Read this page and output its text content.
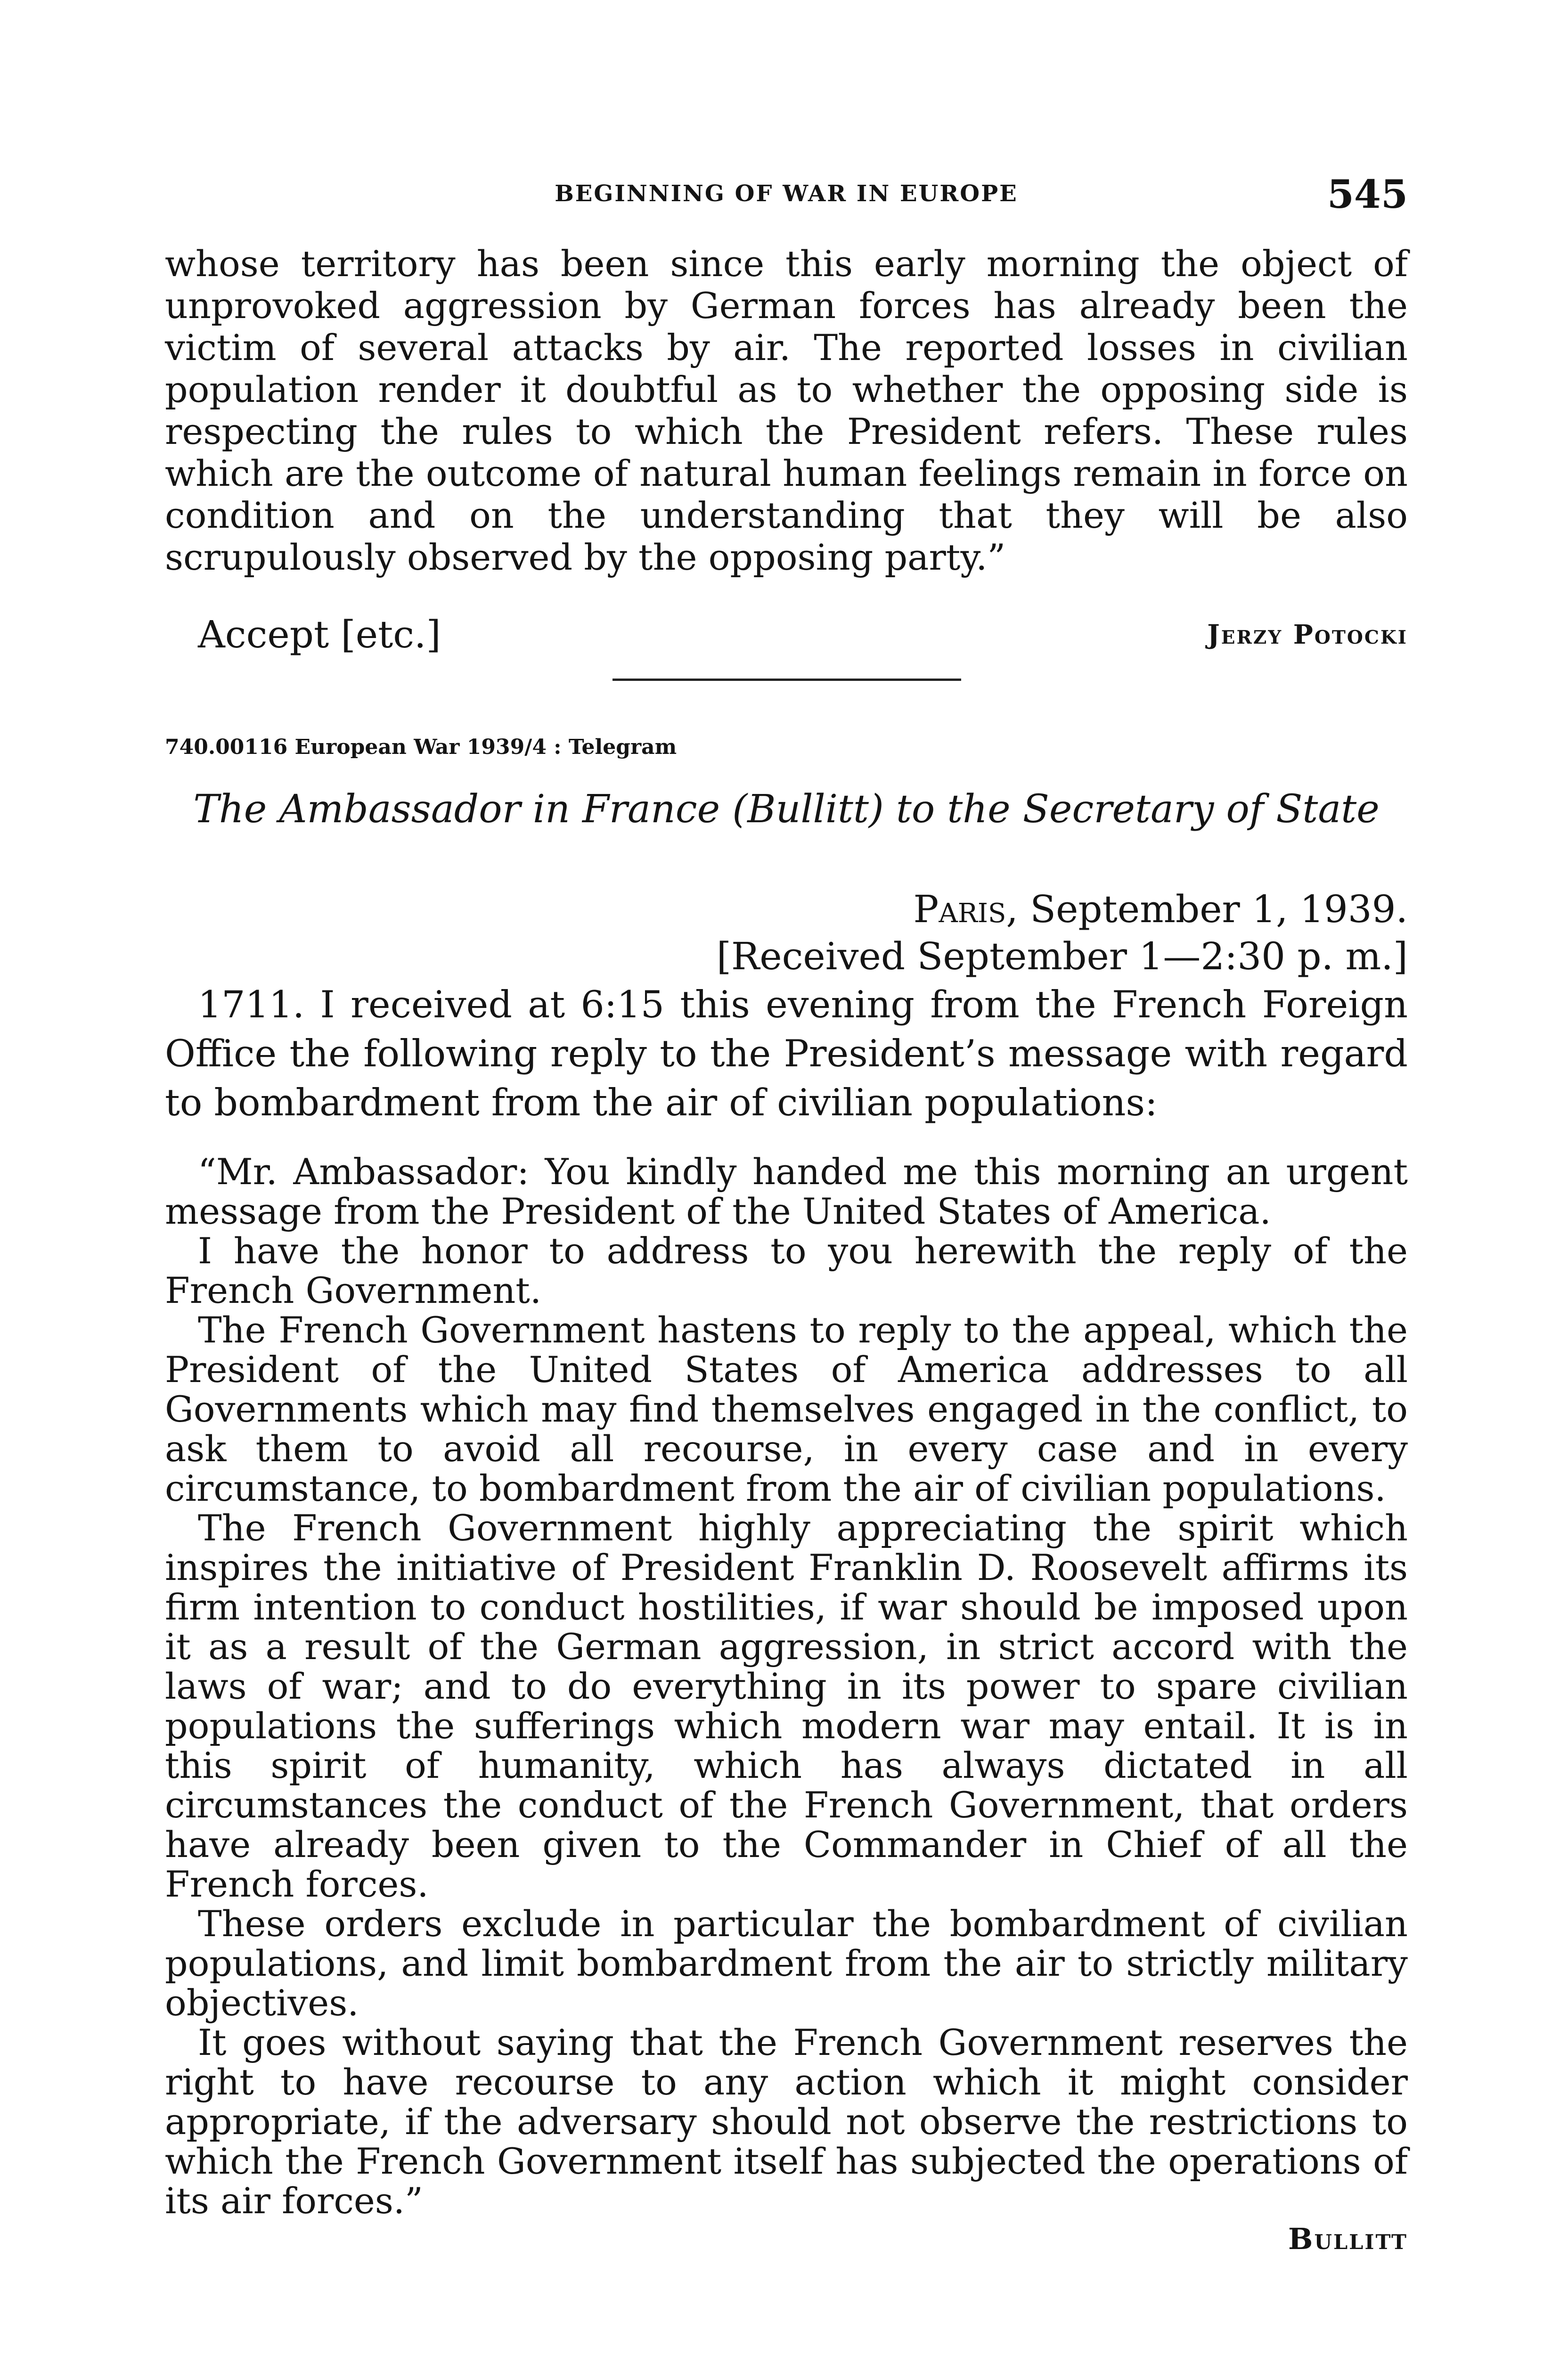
BEGINNING OF WAR IN EUROPE	545
whose territory has been since this early morning the object of unprovoked aggression by German forces has already been the victim of several attacks by air. The reported losses in civilian population render it doubtful as to whether the opposing side is respecting the rules to which the President refers. These rules which are the outcome of natural human feelings remain in force on condition and on the understanding that they will be also scrupulously observed by the opposing party.”
Accept [etc.]	Jerzy Potocki
740.00116 European War 1939/4 : Telegram
The Ambassador in France (Bullitt) to the Secretary of State
Paris, September 1, 1939.
[Received September 1—2:30 p. m.]
1711. I received at 6:15 this evening from the French Foreign Office the following reply to the President’s message with regard to bombardment from the air of civilian populations:

“Mr. Ambassador: You kindly handed me this morning an urgent message from the President of the United States of America.

I have the honor to address to you herewith the reply of the French Government.

The French Government hastens to reply to the appeal, which the President of the United States of America addresses to all Governments which may find themselves engaged in the conflict, to ask them to avoid all recourse, in every case and in every circumstance, to bombardment from the air of civilian populations.

The French Government highly appreciating the spirit which inspires the initiative of President Franklin D. Roosevelt affirms its firm intention to conduct hostilities, if war should be imposed upon it as a result of the German aggression, in strict accord with the laws of war; and to do everything in its power to spare civilian populations the sufferings which modern war may entail. It is in this spirit of humanity, which has always dictated in all circumstances the conduct of the French Government, that orders have already been given to the Commander in Chief of all the French forces.

These orders exclude in particular the bombardment of civilian populations, and limit bombardment from the air to strictly military objectives.

It goes without saying that the French Government reserves the right to have recourse to any action which it might consider appropriate, if the adversary should not observe the restrictions to which the French Government itself has subjected the operations of its air forces.”

Bullitt
